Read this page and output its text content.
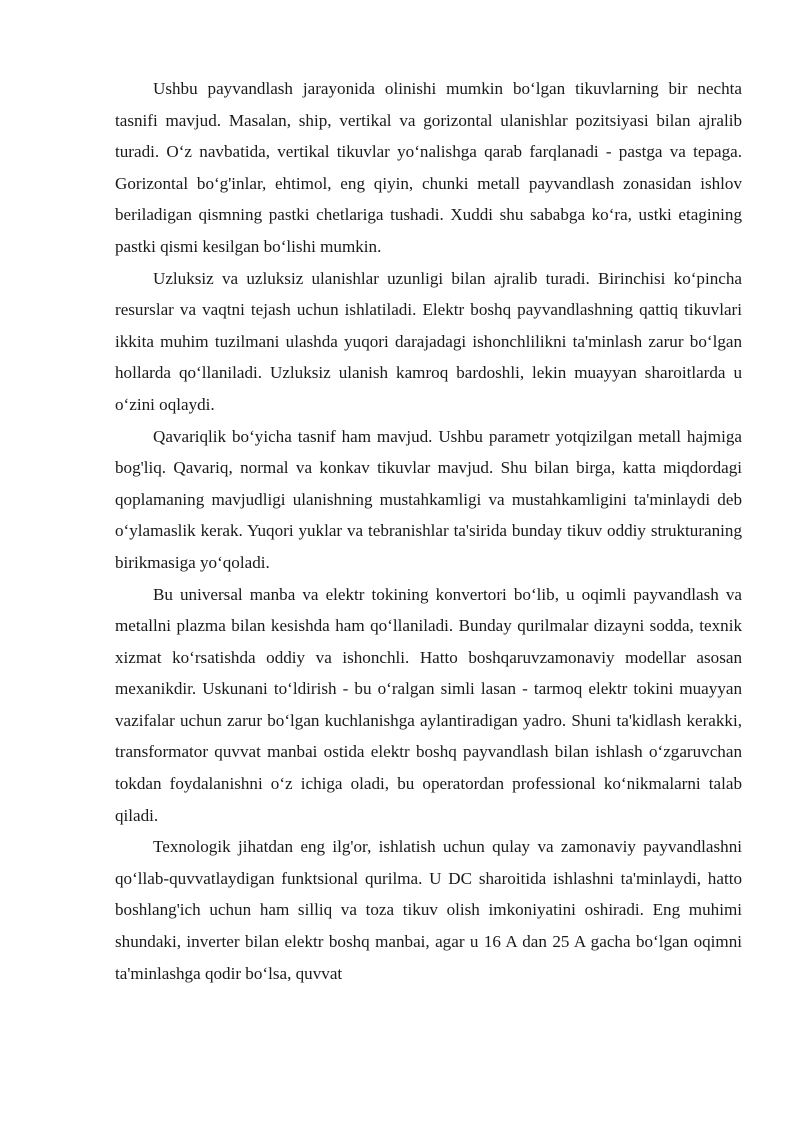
Ushbu payvandlash jarayonida olinishi mumkin bo‘lgan tikuvlarning bir nechta tasnifi mavjud. Masalan, ship, vertikal va gorizontal ulanishlar pozitsiyasi bilan ajralib turadi. O‘z navbatida, vertikal tikuvlar yo‘nalishga qarab farqlanadi - pastga va tepaga. Gorizontal bo‘g'inlar, ehtimol, eng qiyin, chunki metall payvandlash zonasidan ishlov beriladigan qismning pastki chetlariga tushadi. Xuddi shu sababga ko‘ra, ustki etagining pastki qismi kesilgan bo‘lishi mumkin.

Uzluksiz va uzluksiz ulanishlar uzunligi bilan ajralib turadi. Birinchisi ko‘pincha resurslar va vaqtni tejash uchun ishlatiladi. Elektr boshq payvandlashning qattiq tikuvlari ikkita muhim tuzilmani ulashda yuqori darajadagi ishonchlilikni ta'minlash zarur bo‘lgan hollarda qo‘llaniladi. Uzluksiz ulanish kamroq bardoshli, lekin muayyan sharoitlarda u o‘zini oqlaydi.

Qavariqlik bo‘yicha tasnif ham mavjud. Ushbu parametr yotqizilgan metall hajmiga bog'liq. Qavariq, normal va konkav tikuvlar mavjud. Shu bilan birga, katta miqdordagi qoplamaning mavjudligi ulanishning mustahkamligi va mustahkamligini ta'minlaydi deb o‘ylamaslik kerak. Yuqori yuklar va tebranishlar ta'sirida bunday tikuv oddiy strukturaning birikmasiga yo‘qoladi.

Bu universal manba va elektr tokining konvertori bo‘lib, u oqimli payvandlash va metallni plazma bilan kesishda ham qo‘llaniladi. Bunday qurilmalar dizayni sodda, texnik xizmat ko‘rsatishda oddiy va ishonchli. Hatto boshqaruvzamonaviy modellar asosan mexanikdir. Uskunani to‘ldirish - bu o‘ralgan simli lasan - tarmoq elektr tokini muayyan vazifalar uchun zarur bo‘lgan kuchlanishga aylantiradigan yadro. Shuni ta'kidlash kerakki, transformator quvvat manbai ostida elektr boshq payvandlash bilan ishlash o‘zgaruvchan tokdan foydalanishni o‘z ichiga oladi, bu operatordan professional ko‘nikmalarni talab qiladi.

Texnologik jihatdan eng ilg'or, ishlatish uchun qulay va zamonaviy payvandlashni qo‘llab-quvvatlaydigan funktsional qurilma. U DC sharoitida ishlashni ta'minlaydi, hatto boshlang'ich uchun ham silliq va toza tikuv olish imkoniyatini oshiradi. Eng muhimi shundaki, inverter bilan elektr boshq manbai, agar u 16 A dan 25 A gacha bo‘lgan oqimni ta'minlashga qodir bo‘lsa, quvvat
